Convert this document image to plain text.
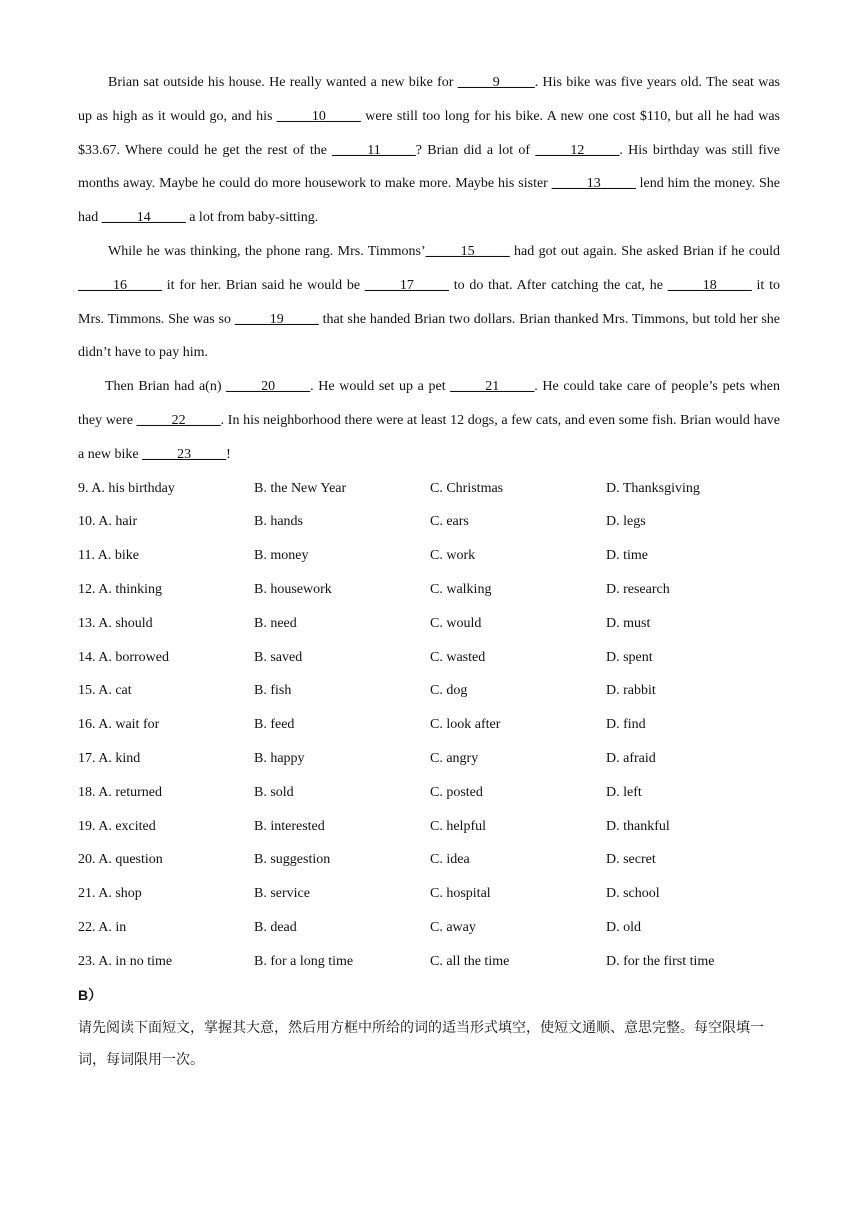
Brian sat outside his house. He really wanted a new bike for _____9_____. His bike was five years old. The seat was up as high as it would go, and his _____10_____ were still too long for his bike. A new one cost $110, but all he had was $33.67. Where could he get the rest of the _____11_____? Brian did a lot of _____12_____. His birthday was still five months away. Maybe he could do more housework to make more. Maybe his sister _____13_____ lend him the money. She had _____14_____ a lot from baby-sitting.

While he was thinking, the phone rang. Mrs. Timmons’_____15_____ had got out again. She asked Brian if he could _____16_____ it for her. Brian said he would be _____17_____ to do that. After catching the cat, he _____18_____ it to Mrs. Timmons. She was so _____19_____ that she handed Brian two dollars. Brian thanked Mrs. Timmons, but told her she didn’t have to pay him.

Then Brian had a(n) _____20_____. He would set up a pet _____21_____. He could take care of people’s pets when they were _____22_____. In his neighborhood there were at least 12 dogs, a few cats, and even some fish. Brian would have a new bike _____23_____!

9. A. his birthday	B. the New Year	C. Christmas	D. Thanksgiving
10. A. hair	B. hands	C. ears	D. legs
11. A. bike	B. money	C. work	D. time
12. A. thinking	B. housework	C. walking	D. research
13. A. should	B. need	C. would	D. must
14. A. borrowed	B. saved	C. wasted	D. spent
15. A. cat	B. fish	C. dog	D. rabbit
16. A. wait for	B. feed	C. look after	D. find
17. A. kind	B. happy	C. angry	D. afraid
18. A. returned	B. sold	C. posted	D. left
19. A. excited	B. interested	C. helpful	D. thankful
20. A. question	B. suggestion	C. idea	D. secret
21. A. shop	B. service	C. hospital	D. school
22. A. in	B. dead	C. away	D. old
23. A. in no time	B. for a long time	C. all the time	D. for the first time
B）

请先阅读下面短文，掌握其大意，然后用方框中所给的词的适当形式填空，使短文通顺、意思完整。每空限填一词，每词限用一次。
